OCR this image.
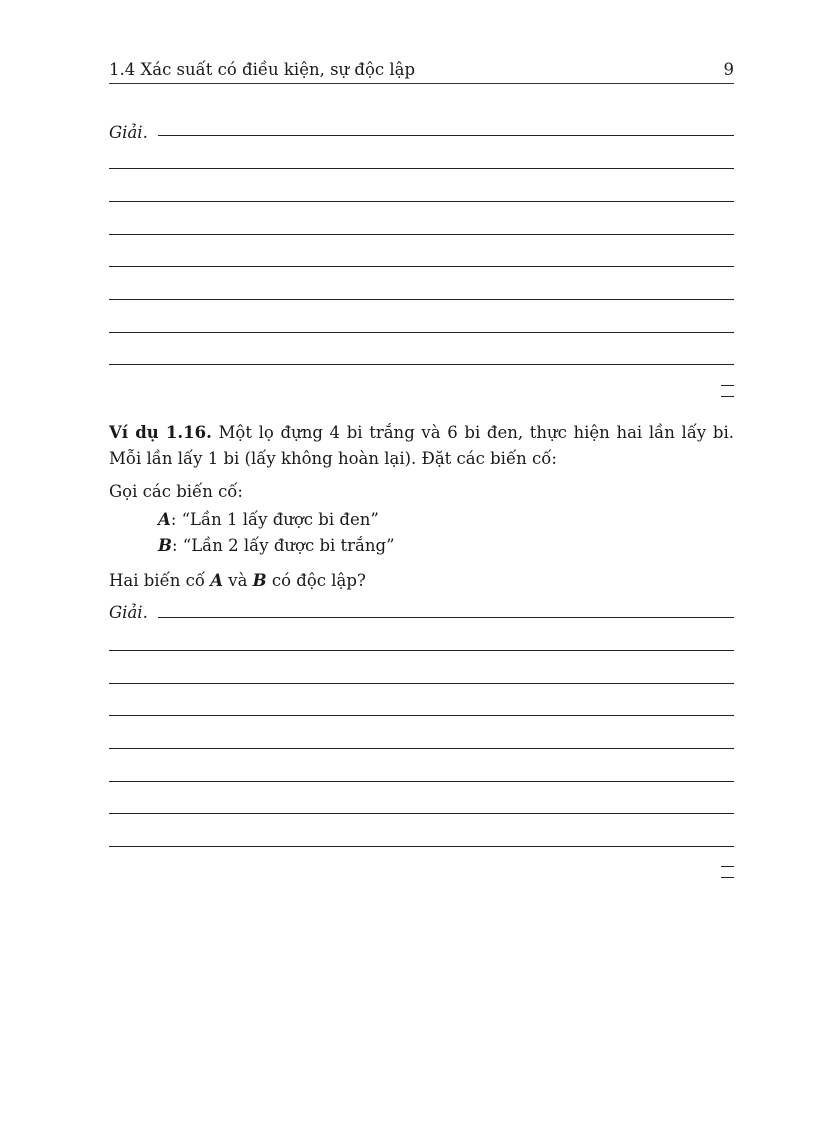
1.4 Xác suất có điều kiện, sự độc lập	9
Giải.
Ví dụ 1.16. Một lọ đựng 4 bi trắng và 6 bi đen, thực hiện hai lần lấy bi. Mỗi lần lấy 1 bi (lấy không hoàn lại). Đặt các biến cố:
Gọi các biến cố:
A: “Lần 1 lấy được bi đen”
B: “Lần 2 lấy được bi trắng”
Hai biến cố A và B có độc lập?
Giải.
